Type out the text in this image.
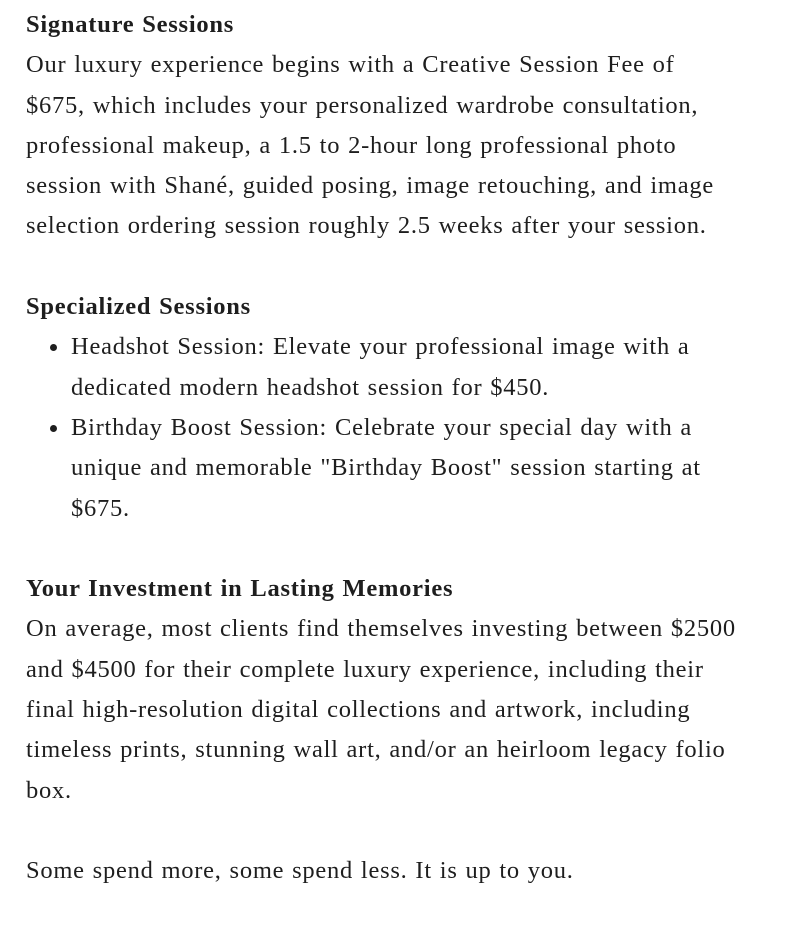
Signature Sessions

Our luxury experience begins with a Creative Session Fee of $675, which includes your personalized wardrobe consultation, professional makeup, a 1.5 to 2-hour long professional photo session with Shané, guided posing, image retouching, and image selection ordering session roughly 2.5 weeks after your session.

Specialized Sessions
Headshot Session: Elevate your professional image with a dedicated modern headshot session for $450.
Birthday Boost Session: Celebrate your special day with a unique and memorable "Birthday Boost" session starting at $675.
Your Investment in Lasting Memories

On average, most clients find themselves investing between $2500 and $4500 for their complete luxury experience, including their final high-resolution digital collections and artwork, including timeless prints, stunning wall art, and/or an heirloom legacy folio box.

Some spend more, some spend less. It is up to you.
